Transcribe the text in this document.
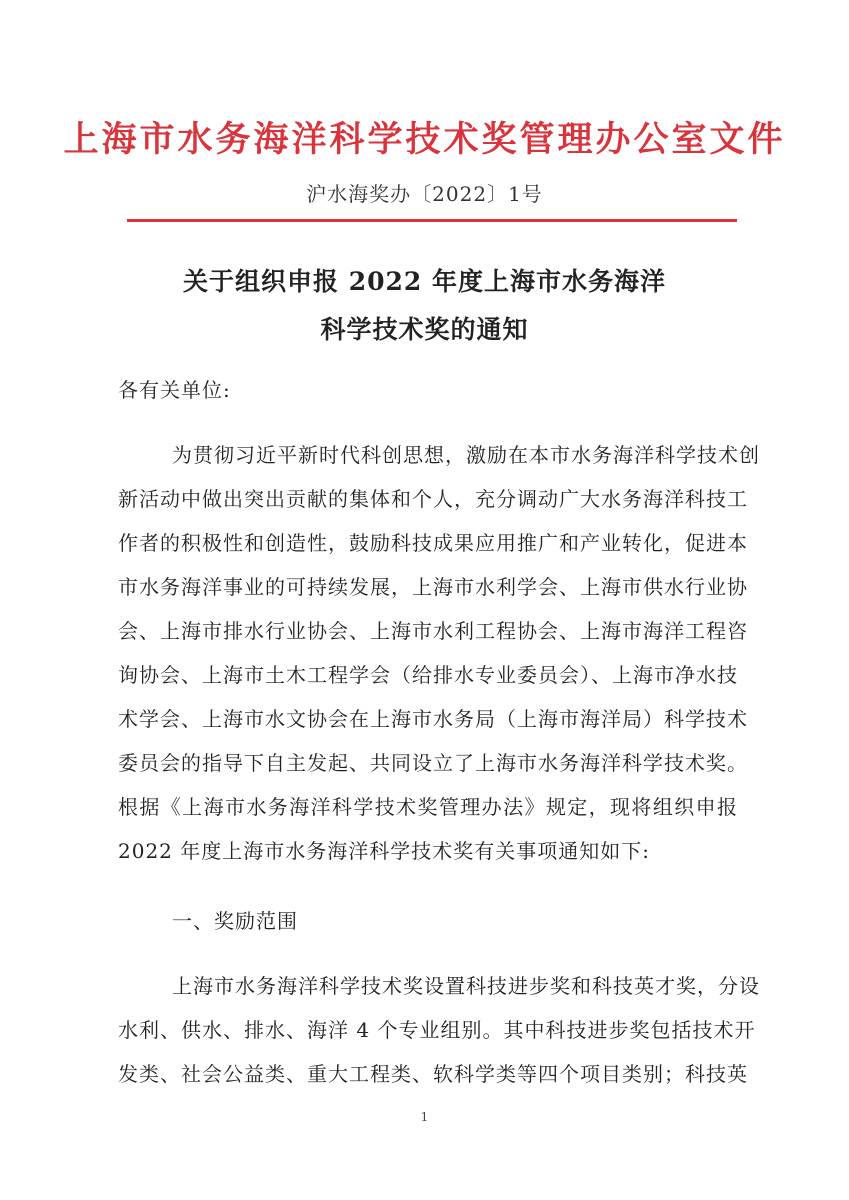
上海市水务海洋科学技术奖管理办公室文件
沪水海奖办〔2022〕1号
关于组织申报 2022 年度上海市水务海洋
科学技术奖的通知
各有关单位:
为贯彻习近平新时代科创思想，激励在本市水务海洋科学技术创
新活动中做出突出贡献的集体和个人，充分调动广大水务海洋科技工
作者的积极性和创造性，鼓励科技成果应用推广和产业转化，促进本
市水务海洋事业的可持续发展，上海市水利学会、上海市供水行业协
会、上海市排水行业协会、上海市水利工程协会、上海市海洋工程咨
询协会、上海市土木工程学会（给排水专业委员会）、上海市净水技
术学会、上海市水文协会在上海市水务局（上海市海洋局）科学技术
委员会的指导下自主发起、共同设立了上海市水务海洋科学技术奖。
根据《上海市水务海洋科学技术奖管理办法》规定，现将组织申报
2022 年度上海市水务海洋科学技术奖有关事项通知如下:
一、奖励范围
上海市水务海洋科学技术奖设置科技进步奖和科技英才奖，分设
水利、供水、排水、海洋 4 个专业组别。其中科技进步奖包括技术开
发类、社会公益类、重大工程类、软科学类等四个项目类别；科技英
1
